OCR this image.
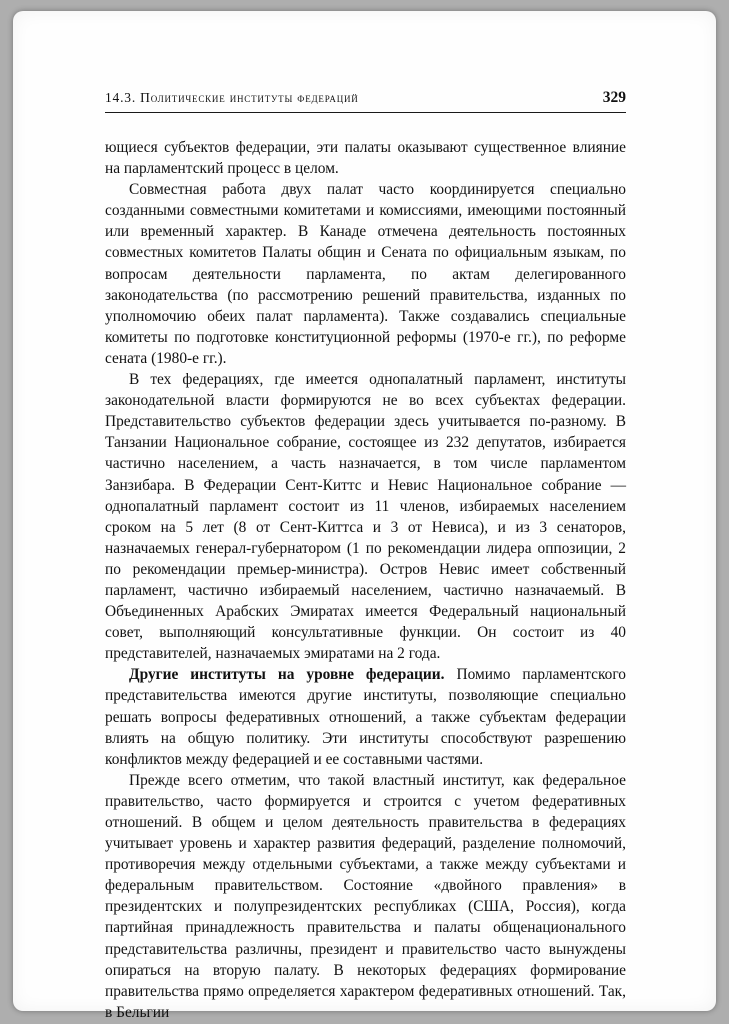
14.3. Политические институты федераций	329

ющиеся субъектов федерации, эти палаты оказывают существенное влияние на парламентский процесс в целом.

Совместная работа двух палат часто координируется специально созданными совместными комитетами и комиссиями, имеющими постоянный или временный характер. В Канаде отмечена деятельность постоянных совместных комитетов Палаты общин и Сената по официальным языкам, по вопросам деятельности парламента, по актам делегированного законодательства (по рассмотрению решений правительства, изданных по уполномочию обеих палат парламента). Также создавались специальные комитеты по подготовке конституционной реформы (1970-е гг.), по реформе сената (1980-е гг.).

В тех федерациях, где имеется однопалатный парламент, институты законодательной власти формируются не во всех субъектах федерации. Представительство субъектов федерации здесь учитывается по-разному. В Танзании Национальное собрание, состоящее из 232 депутатов, избирается частично населением, а часть назначается, в том числе парламентом Занзибара. В Федерации Сент-Киттс и Невис Национальное собрание — однопалатный парламент состоит из 11 членов, избираемых населением сроком на 5 лет (8 от Сент-Киттса и 3 от Невиса), и из 3 сенаторов, назначаемых генерал-губернатором (1 по рекомендации лидера оппозиции, 2 по рекомендации премьер-министра). Остров Невис имеет собственный парламент, частично избираемый населением, частично назначаемый. В Объединенных Арабских Эмиратах имеется Федеральный национальный совет, выполняющий консультативные функции. Он состоит из 40 представителей, назначаемых эмиратами на 2 года.

Другие институты на уровне федерации. Помимо парламентского представительства имеются другие институты, позволяющие специально решать вопросы федеративных отношений, а также субъектам федерации влиять на общую политику. Эти институты способствуют разрешению конфликтов между федерацией и ее составными частями.

Прежде всего отметим, что такой властный институт, как федеральное правительство, часто формируется и строится с учетом федеративных отношений. В общем и целом деятельность правительства в федерациях учитывает уровень и характер развития федераций, разделение полномочий, противоречия между отдельными субъектами, а также между субъектами и федеральным правительством. Состояние «двойного правления» в президентских и полупрезидентских республиках (США, Россия), когда партийная принадлежность правительства и палаты общенационального представительства различны, президент и правительство часто вынуждены опираться на вторую палату. В некоторых федерациях формирование правительства прямо определяется характером федеративных отношений. Так, в Бельгии
